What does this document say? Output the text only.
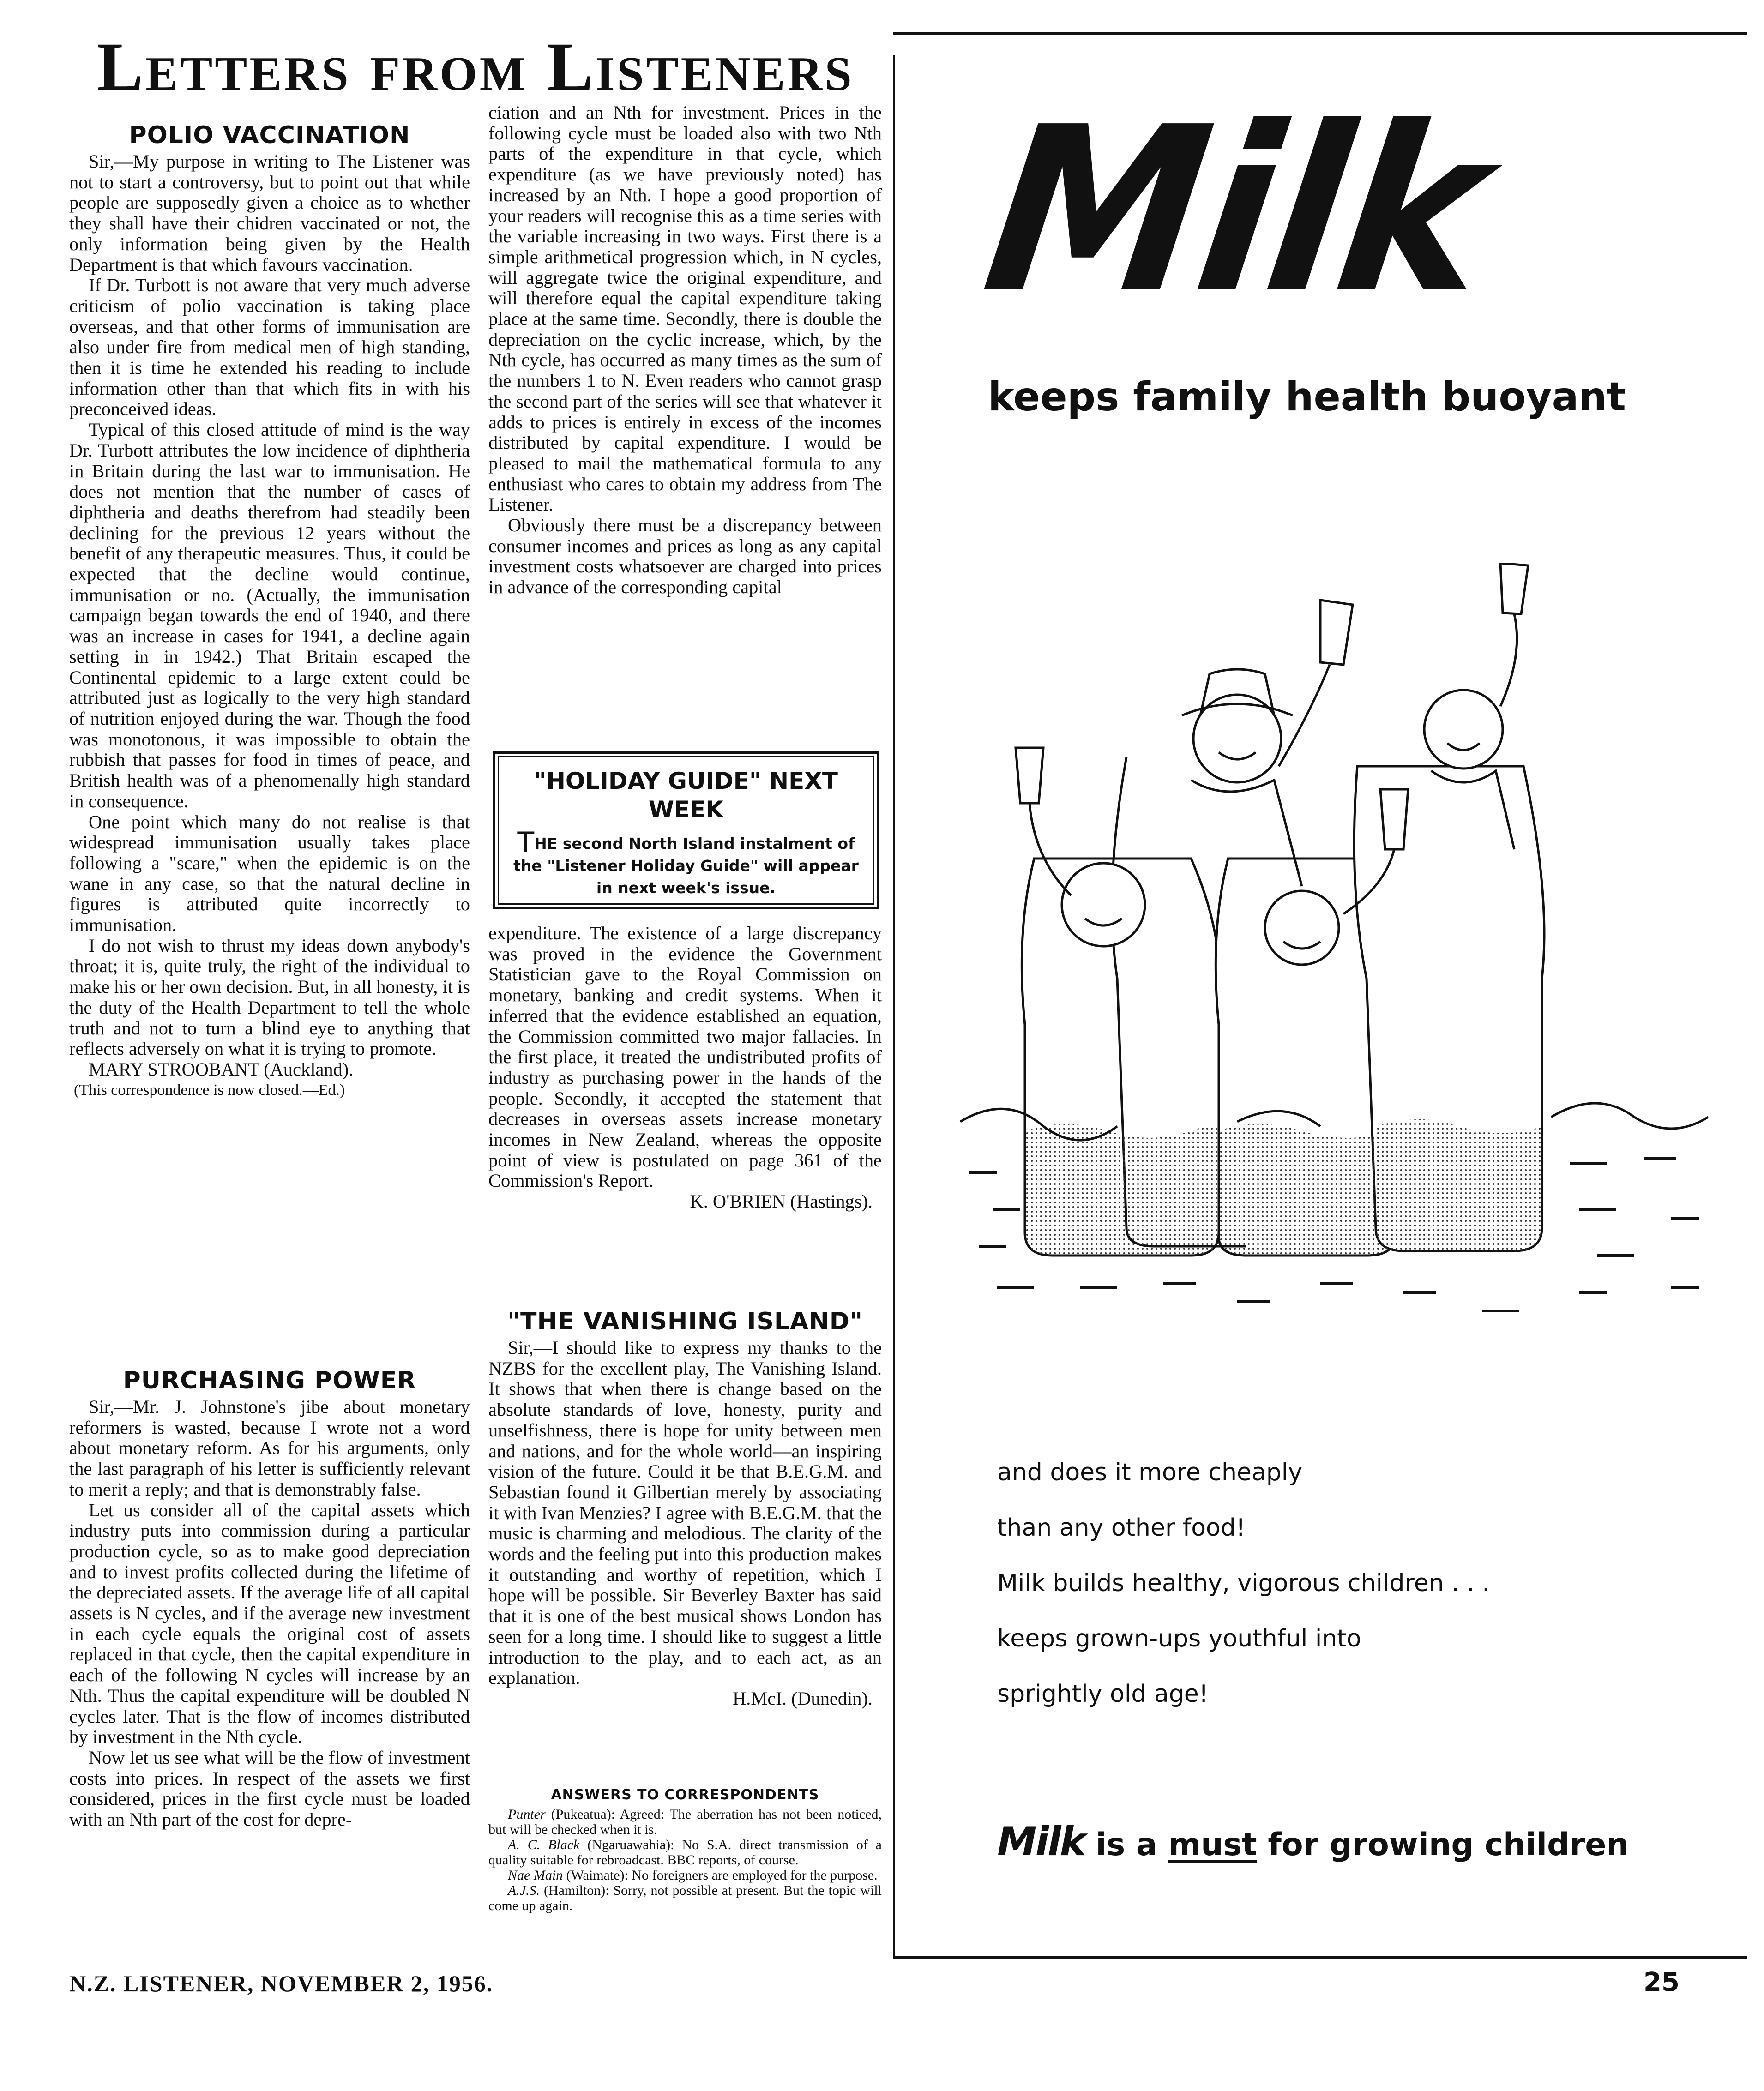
Letters from Listeners
POLIO VACCINATION

Sir,—My purpose in writing to The Listener was not to start a controversy, but to point out that while people are supposedly given a choice as to whether they shall have their chidren vaccinated or not, the only information being given by the Health Department is that which favours vaccination.

If Dr. Turbott is not aware that very much adverse criticism of polio vaccination is taking place overseas, and that other forms of immunisation are also under fire from medical men of high standing, then it is time he extended his reading to include information other than that which fits in with his preconceived ideas.

Typical of this closed attitude of mind is the way Dr. Turbott attributes the low incidence of diphtheria in Britain during the last war to immunisation. He does not mention that the number of cases of diphtheria and deaths therefrom had steadily been declining for the previous 12 years without the benefit of any therapeutic measures. Thus, it could be expected that the decline would continue, immunisation or no. (Actually, the immunisation campaign began towards the end of 1940, and there was an increase in cases for 1941, a decline again setting in in 1942.) That Britain escaped the Continental epidemic to a large extent could be attributed just as logically to the very high standard of nutrition enjoyed during the war. Though the food was monotonous, it was impossible to obtain the rubbish that passes for food in times of peace, and British health was of a phenomenally high standard in consequence.

One point which many do not realise is that widespread immunisation usually takes place following a "scare," when the epidemic is on the wane in any case, so that the natural decline in figures is attributed quite incorrectly to immunisation.

I do not wish to thrust my ideas down anybody's throat; it is, quite truly, the right of the individual to make his or her own decision. But, in all honesty, it is the duty of the Health Department to tell the whole truth and not to turn a blind eye to anything that reflects adversely on what it is trying to promote.

MARY STROOBANT (Auckland).

(This correspondence is now closed.—Ed.)

PURCHASING POWER

Sir,—Mr. J. Johnstone's jibe about monetary reformers is wasted, because I wrote not a word about monetary reform. As for his arguments, only the last paragraph of his letter is sufficiently relevant to merit a reply; and that is demonstrably false.

Let us consider all of the capital assets which industry puts into commission during a particular production cycle, so as to make good depreciation and to invest profits collected during the lifetime of the depreciated assets. If the average life of all capital assets is N cycles, and if the average new investment in each cycle equals the original cost of assets replaced in that cycle, then the capital expenditure in each of the following N cycles will increase by an Nth. Thus the capital expenditure will be doubled N cycles later. That is the flow of incomes distributed by investment in the Nth cycle.

Now let us see what will be the flow of investment costs into prices. In respect of the assets we first considered, prices in the first cycle must be loaded with an Nth part of the cost for depre-

ciation and an Nth for investment. Prices in the following cycle must be loaded also with two Nth parts of the expenditure in that cycle, which expenditure (as we have previously noted) has increased by an Nth. I hope a good proportion of your readers will recognise this as a time series with the variable increasing in two ways. First there is a simple arithmetical progression which, in N cycles, will aggregate twice the original expenditure, and will therefore equal the capital expenditure taking place at the same time. Secondly, there is double the depreciation on the cyclic increase, which, by the Nth cycle, has occurred as many times as the sum of the numbers 1 to N. Even readers who cannot grasp the second part of the series will see that whatever it adds to prices is entirely in excess of the incomes distributed by capital expenditure. I would be pleased to mail the mathematical formula to any enthusiast who cares to obtain my address from The Listener.

Obviously there must be a discrepancy between consumer incomes and prices as long as any capital investment costs whatsoever are charged into prices in advance of the corresponding capital

"HOLIDAY GUIDE" NEXT WEEK
THE second North Island instalment of the "Listener Holiday Guide" will appear in next week's issue.

expenditure. The existence of a large discrepancy was proved in the evidence the Government Statistician gave to the Royal Commission on monetary, banking and credit systems. When it inferred that the evidence established an equation, the Commission committed two major fallacies. In the first place, it treated the undistributed profits of industry as purchasing power in the hands of the people. Secondly, it accepted the statement that decreases in overseas assets increase monetary incomes in New Zealand, whereas the opposite point of view is postulated on page 361 of the Commission's Report.

K. O'BRIEN (Hastings).

"THE VANISHING ISLAND"

Sir,—I should like to express my thanks to the NZBS for the excellent play, The Vanishing Island. It shows that when there is change based on the absolute standards of love, honesty, purity and unselfishness, there is hope for unity between men and nations, and for the whole world—an inspiring vision of the future. Could it be that B.E.G.M. and Sebastian found it Gilbertian merely by associating it with Ivan Menzies? I agree with B.E.G.M. that the music is charming and melodious. The clarity of the words and the feeling put into this production makes it outstanding and worthy of repetition, which I hope will be possible. Sir Beverley Baxter has said that it is one of the best musical shows London has seen for a long time. I should like to suggest a little introduction to the play, and to each act, as an explanation.

H.McI. (Dunedin).

ANSWERS TO CORRESPONDENTS

Punter (Pukeatua): Agreed: The aberration has not been noticed, but will be checked when it is.

A. C. Black (Ngaruawahia): No S.A. direct transmission of a quality suitable for rebroadcast. BBC reports, of course.

Nae Main (Waimate): No foreigners are employed for the purpose.

A.J.S. (Hamilton): Sorry, not possible at present. But the topic will come up again.

Milk
keeps family health buoyant
and does it more cheaply
than any other food!
Milk builds healthy, vigorous children . . .
keeps grown-ups youthful into
sprightly old age!
Milk is a must for growing children
N.Z. LISTENER, NOVEMBER 2, 1956.	25
